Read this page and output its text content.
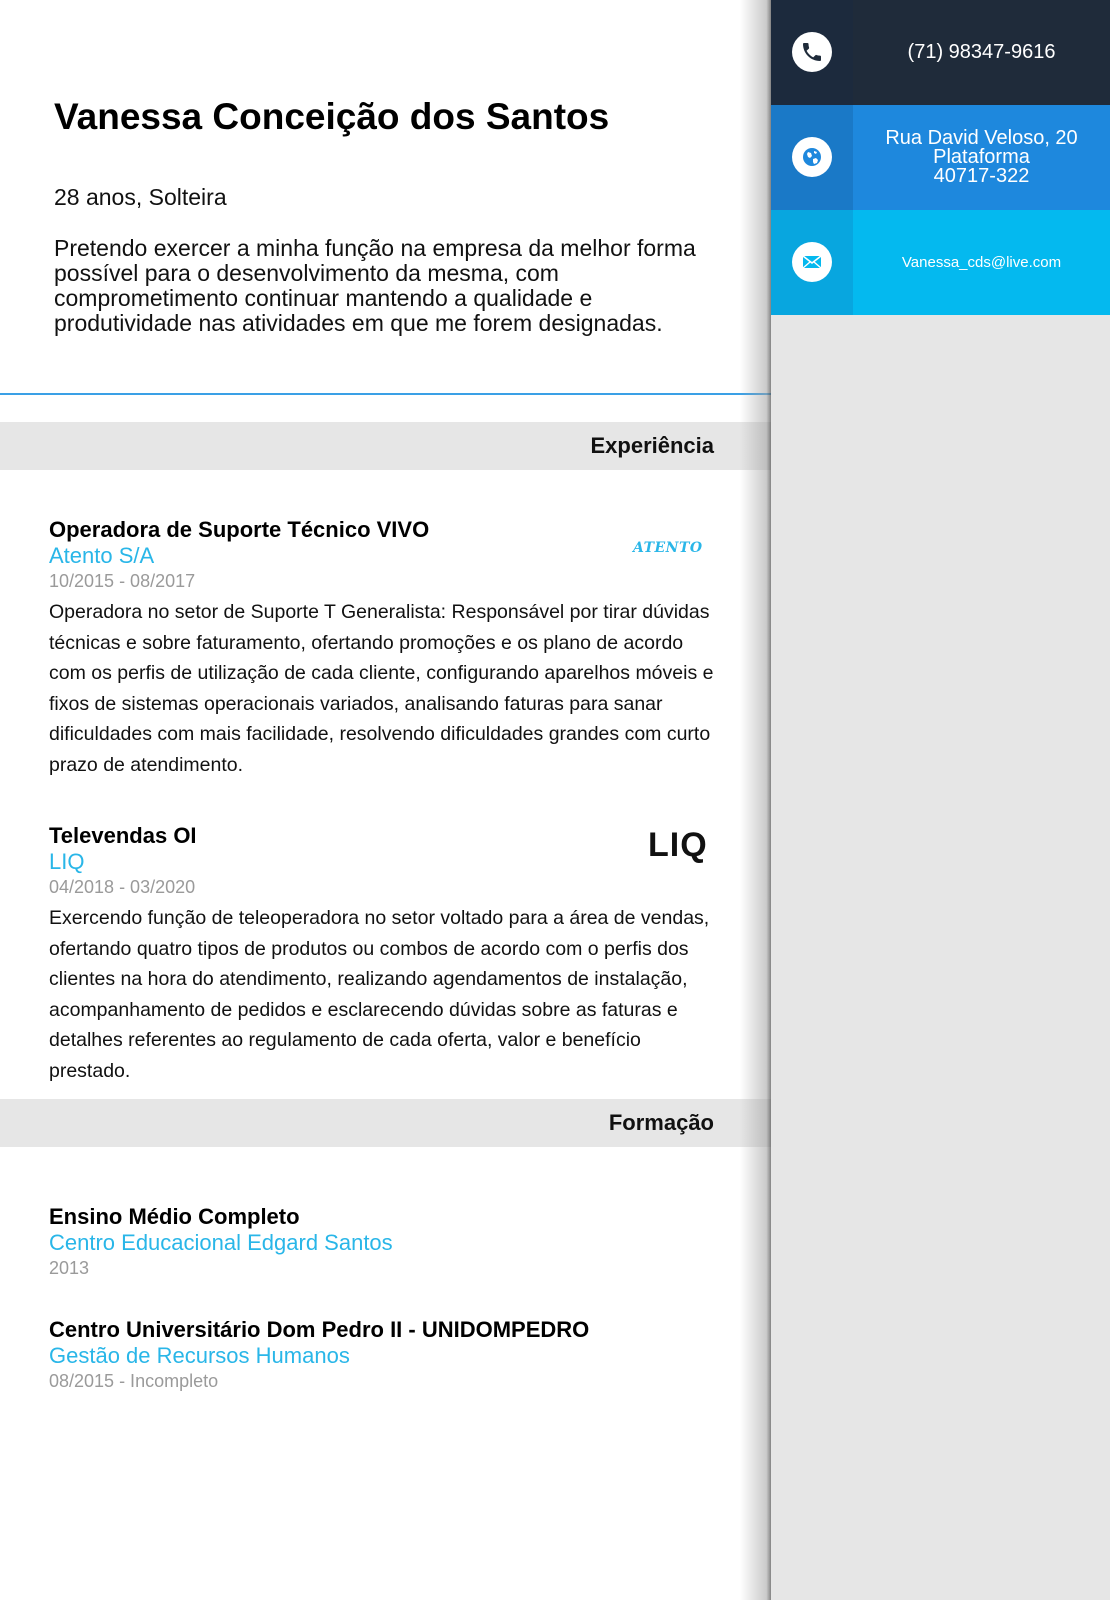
Vanessa Conceição dos Santos
28 anos, Solteira

Pretendo exercer a minha função na empresa da melhor forma possível para o desenvolvimento da mesma, com comprometimento continuar mantendo a qualidade e produtividade nas atividades em que me forem designadas.

Experiência
Operadora de Suporte Técnico VIVO
Atento S/A
10/2015 - 08/2017
Operadora no setor de Suporte T Generalista: Responsável por tirar dúvidas técnicas e sobre faturamento, ofertando promoções e os plano de acordo com os perfis de utilização de cada cliente, configurando aparelhos móveis e fixos de sistemas operacionais variados, analisando faturas para sanar dificuldades com mais facilidade, resolvendo dificuldades grandes com curto prazo de atendimento.
ATENTO
Televendas OI
LIQ
04/2018 - 03/2020
Exercendo função de teleoperadora no setor voltado para a área de vendas, ofertando quatro tipos de produtos ou combos de acordo com o perfis dos clientes na hora do atendimento, realizando agendamentos de instalação, acompanhamento de pedidos e esclarecendo dúvidas sobre as faturas e detalhes referentes ao regulamento de cada oferta, valor e benefício prestado.
LIQ
Formação
Ensino Médio Completo
Centro Educacional Edgard Santos
2013
Centro Universitário Dom Pedro II - UNIDOMPEDRO
Gestão de Recursos Humanos
08/2015 - Incompleto
(71) 98347-9616
Rua David Veloso, 20
Plataforma
40717-322
Vanessa_cds@live.com
